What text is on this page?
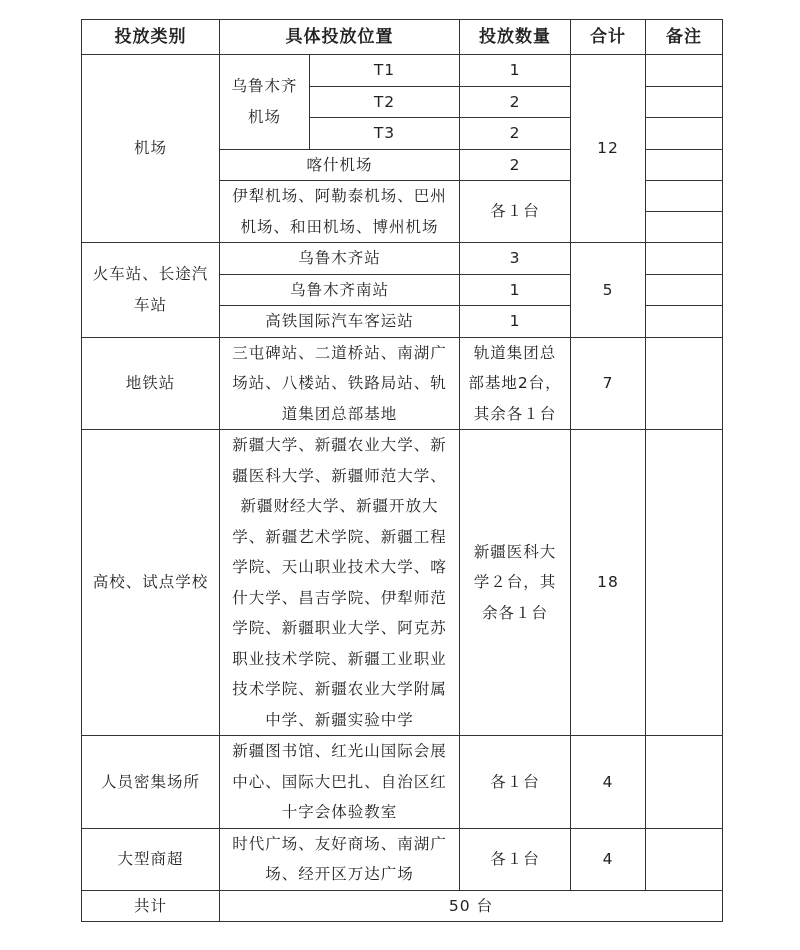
投放类别	具体投放位置		投放数量	合计	备注
机场	乌鲁木齐机场	T1	1	12	
		T2	2		
		T3	2		
	喀什机场		2		
	伊犁机场、阿勒泰机场、巴州机场、和田机场、博州机场		各１台		

火车站、长途汽车站	乌鲁木齐站		3	5	
	乌鲁木齐南站		1		
	高铁国际汽车客运站		1		
地铁站	三屯碑站、二道桥站、南湖广场站、八楼站、铁路局站、轨道集团总部基地		轨道集团总部基地2台，其余各１台	7	
高校、试点学校	新疆大学、新疆农业大学、新疆医科大学、新疆师范大学、新疆财经大学、新疆开放大学、新疆艺术学院、新疆工程学院、天山职业技术大学、喀什大学、昌吉学院、伊犁师范学院、新疆职业大学、阿克苏职业技术学院、新疆工业职业技术学院、新疆农业大学附属中学、新疆实验中学		新疆医科大学２台，其余各１台	18	
人员密集场所	新疆图书馆、红光山国际会展中心、国际大巴扎、自治区红十字会体验教室		各１台	4	
大型商超	时代广场、友好商场、南湖广场、经开区万达广场		各１台	4	
共计	50 台				
